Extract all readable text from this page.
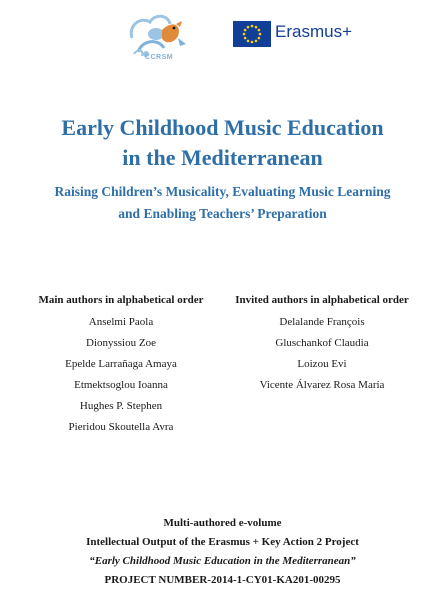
CCRSM
Erasmus+
Early Childhood Music Education
in the Mediterranean
Raising Children’s Musicality, Evaluating Music Learning
and Enabling Teachers’ Preparation
Main authors in alphabetical order
Anselmi Paola
Dionyssiou Zoe
Epelde Larrañaga Amaya
Etmektsoglou Ioanna
Hughes P. Stephen
Pieridou Skoutella Avra
Invited authors in alphabetical order
Delalande François
Gluschankof Claudia
Loizou Evi
Vicente Álvarez Rosa María
Multi-authored e-volume
Intellectual Output of the Erasmus + Key Action 2 Project
“Early Childhood Music Education in the Mediterranean”
PROJECT NUMBER-2014-1-CY01-KA201-00295
